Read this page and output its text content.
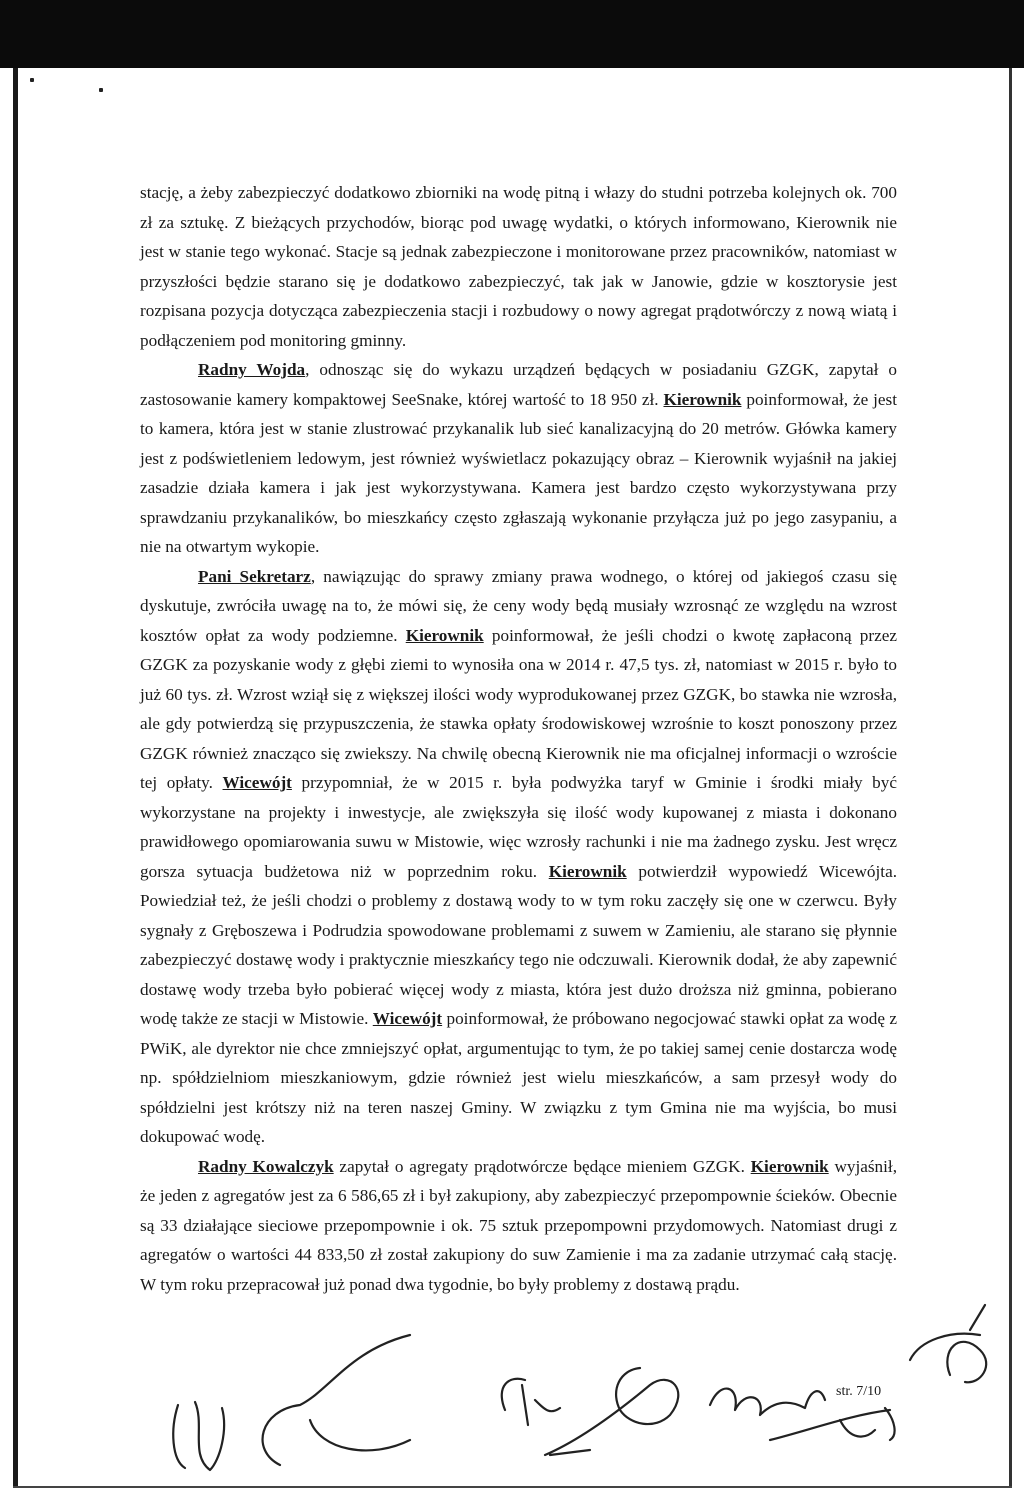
stację, a żeby zabezpieczyć dodatkowo zbiorniki na wodę pitną i włazy do studni potrzeba kolejnych ok. 700 zł za sztukę. Z bieżących przychodów, biorąc pod uwagę wydatki, o których informowano, Kierownik nie jest w stanie tego wykonać. Stacje są jednak zabezpieczone i monitorowane przez pracowników, natomiast w przyszłości będzie starano się je dodatkowo zabezpieczyć, tak jak w Janowie, gdzie w kosztorysie jest rozpisana pozycja dotycząca zabezpieczenia stacji i rozbudowy o nowy agregat prądotwórczy z nową wiatą i podłączeniem pod monitoring gminny.

Radny Wojda, odnosząc się do wykazu urządzeń będących w posiadaniu GZGK, zapytał o zastosowanie kamery kompaktowej SeeSnake, której wartość to 18 950 zł. Kierownik poinformował, że jest to kamera, która jest w stanie zlustrować przykanalik lub sieć kanalizacyjną do 20 metrów. Główka kamery jest z podświetleniem ledowym, jest również wyświetlacz pokazujący obraz – Kierownik wyjaśnił na jakiej zasadzie działa kamera i jak jest wykorzystywana. Kamera jest bardzo często wykorzystywana przy sprawdzaniu przykanalików, bo mieszkańcy często zgłaszają wykonanie przyłącza już po jego zasypaniu, a nie na otwartym wykopie.

Pani Sekretarz, nawiązując do sprawy zmiany prawa wodnego, o której od jakiegoś czasu się dyskutuje, zwróciła uwagę na to, że mówi się, że ceny wody będą musiały wzrosnąć ze względu na wzrost kosztów opłat za wody podziemne. Kierownik poinformował, że jeśli chodzi o kwotę zapłaconą przez GZGK za pozyskanie wody z głębi ziemi to wynosiła ona w 2014 r. 47,5 tys. zł, natomiast w 2015 r. było to już 60 tys. zł. Wzrost wziął się z większej ilości wody wyprodukowanej przez GZGK, bo stawka nie wzrosła, ale gdy potwierdzą się przypuszczenia, że stawka opłaty środowiskowej wzrośnie to koszt ponoszony przez GZGK również znacząco się zwiekszy. Na chwilę obecną Kierownik nie ma oficjalnej informacji o wzroście tej opłaty. Wicewójt przypomniał, że w 2015 r. była podwyżka taryf w Gminie i środki miały być wykorzystane na projekty i inwestycje, ale zwiększyła się ilość wody kupowanej z miasta i dokonano prawidłowego opomiarowania suwu w Mistowie, więc wzrosły rachunki i nie ma żadnego zysku. Jest wręcz gorsza sytuacja budżetowa niż w poprzednim roku. Kierownik potwierdził wypowiedź Wicewójta. Powiedział też, że jeśli chodzi o problemy z dostawą wody to w tym roku zaczęły się one w czerwcu. Były sygnały z Gręboszewa i Podrudzia spowodowane problemami z suwem w Zamieniu, ale starano się płynnie zabezpieczyć dostawę wody i praktycznie mieszkańcy tego nie odczuwali. Kierownik dodał, że aby zapewnić dostawę wody trzeba było pobierać więcej wody z miasta, która jest dużo droższa niż gminna, pobierano wodę także ze stacji w Mistowie. Wicewójt poinformował, że próbowano negocjować stawki opłat za wodę z PWiK, ale dyrektor nie chce zmniejszyć opłat, argumentując to tym, że po takiej samej cenie dostarcza wodę np. spółdzielniom mieszkaniowym, gdzie również jest wielu mieszkańców, a sam przesył wody do spółdzielni jest krótszy niż na teren naszej Gminy. W związku z tym Gmina nie ma wyjścia, bo musi dokupować wodę.

Radny Kowalczyk zapytał o agregaty prądotwórcze będące mieniem GZGK. Kierownik wyjaśnił, że jeden z agregatów jest za 6 586,65 zł i był zakupiony, aby zabezpieczyć przepompownie ścieków. Obecnie są 33 działające sieciowe przepompownie i ok. 75 sztuk przepompowni przydomowych. Natomiast drugi z agregatów o wartości 44 833,50 zł został zakupiony do suw Zamienie i ma za zadanie utrzymać całą stację. W tym roku przepracował już ponad dwa tygodnie, bo były problemy z dostawą prądu.

str. 7/10
